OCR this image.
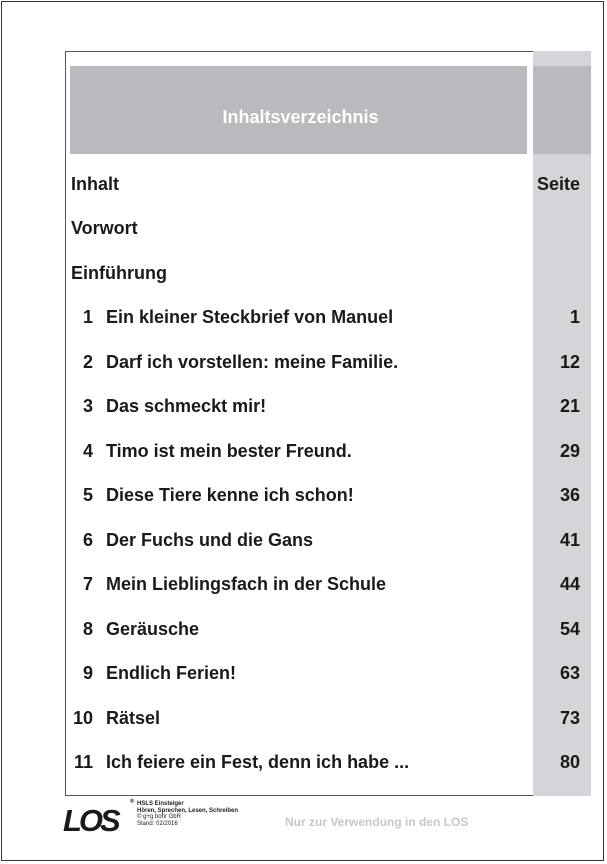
Inhaltsverzeichnis
Inhalt	Seite
Vorwort
Einführung
1 Ein kleiner Steckbrief von Manuel	1
2 Darf ich vorstellen: meine Familie.	12
3 Das schmeckt mir!	21
4 Timo ist mein bester Freund.	29
5 Diese Tiere kenne ich schon!	36
6 Der Fuchs und die Gans	41
7 Mein Lieblingsfach in der Schule	44
8 Geräusche	54
9 Endlich Ferien!	63
10 Rätsel	73
11 Ich feiere ein Fest, denn ich habe ...	80
LOS
® HSLS Einsteiger
Hören, Sprechen, Lesen, Schreiben
© g+g bohr GbR
Stand: 02/2016	Nur zur Verwendung in den LOS
